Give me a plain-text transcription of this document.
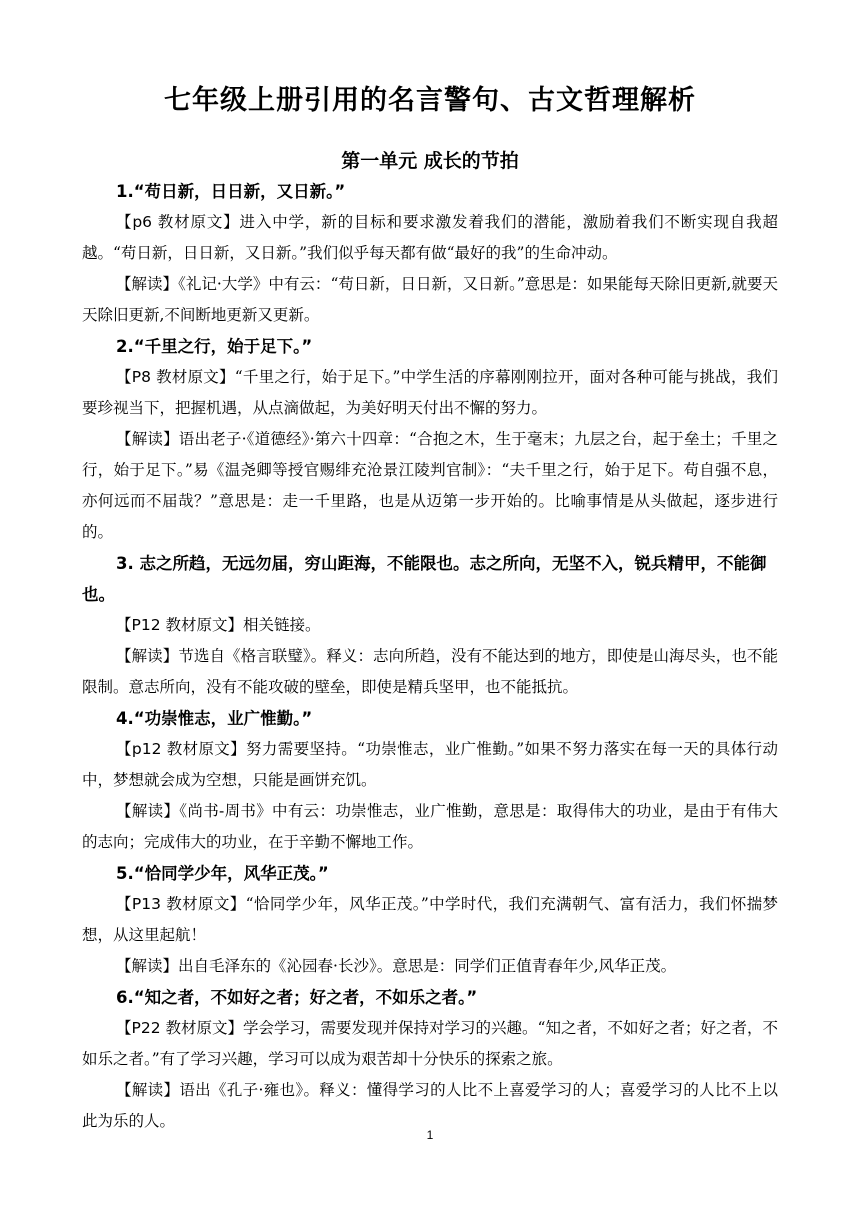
七年级上册引用的名言警句、古文哲理解析
第一单元 成长的节拍

1.“苟日新，日日新，又日新。”

【p6 教材原文】进入中学，新的目标和要求激发着我们的潜能，激励着我们不断实现自我超越。“苟日新，日日新，又日新。”我们似乎每天都有做“最好的我”的生命冲动。

【解读】《礼记·大学》中有云：“苟日新，日日新，又日新。”意思是：如果能每天除旧更新,就要天天除旧更新,不间断地更新又更新。

2.“千里之行，始于足下。”

【P8 教材原文】“千里之行，始于足下。”中学生活的序幕刚刚拉开，面对各种可能与挑战，我们要珍视当下，把握机遇，从点滴做起，为美好明天付出不懈的努力。

【解读】语出老子·《道德经》·第六十四章：“合抱之木，生于毫末；九层之台，起于垒土；千里之行，始于足下。”易《温尧卿等授官赐绯充沧景江陵判官制》：“夫千里之行，始于足下。苟自强不息，亦何远而不届哉？”意思是：走一千里路，也是从迈第一步开始的。比喻事情是从头做起，逐步进行的。

3. 志之所趋，无远勿届，穷山距海，不能限也。志之所向，无坚不入，锐兵精甲，不能御也。

【P12 教材原文】相关链接。

【解读】节选自《格言联璧》。释义：志向所趋，没有不能达到的地方，即使是山海尽头，也不能限制。意志所向，没有不能攻破的壁垒，即使是精兵坚甲，也不能抵抗。

4.“功崇惟志，业广惟勤。”

【p12 教材原文】努力需要坚持。“功崇惟志，业广惟勤。”如果不努力落实在每一天的具体行动中，梦想就会成为空想，只能是画饼充饥。

【解读】《尚书-周书》中有云：功崇惟志，业广惟勤，意思是：取得伟大的功业，是由于有伟大的志向；完成伟大的功业，在于辛勤不懈地工作。

5.“恰同学少年，风华正茂。”

【P13 教材原文】“恰同学少年，风华正茂。”中学时代，我们充满朝气、富有活力，我们怀揣梦想，从这里起航！

【解读】出自毛泽东的《沁园春·长沙》。意思是：同学们正值青春年少,风华正茂。

6.“知之者，不如好之者；好之者，不如乐之者。”

【P22 教材原文】学会学习，需要发现并保持对学习的兴趣。“知之者，不如好之者；好之者，不如乐之者。”有了学习兴趣，学习可以成为艰苦却十分快乐的探索之旅。

【解读】语出《孔子·雍也》。释义：懂得学习的人比不上喜爱学习的人；喜爱学习的人比不上以此为乐的人。

1
